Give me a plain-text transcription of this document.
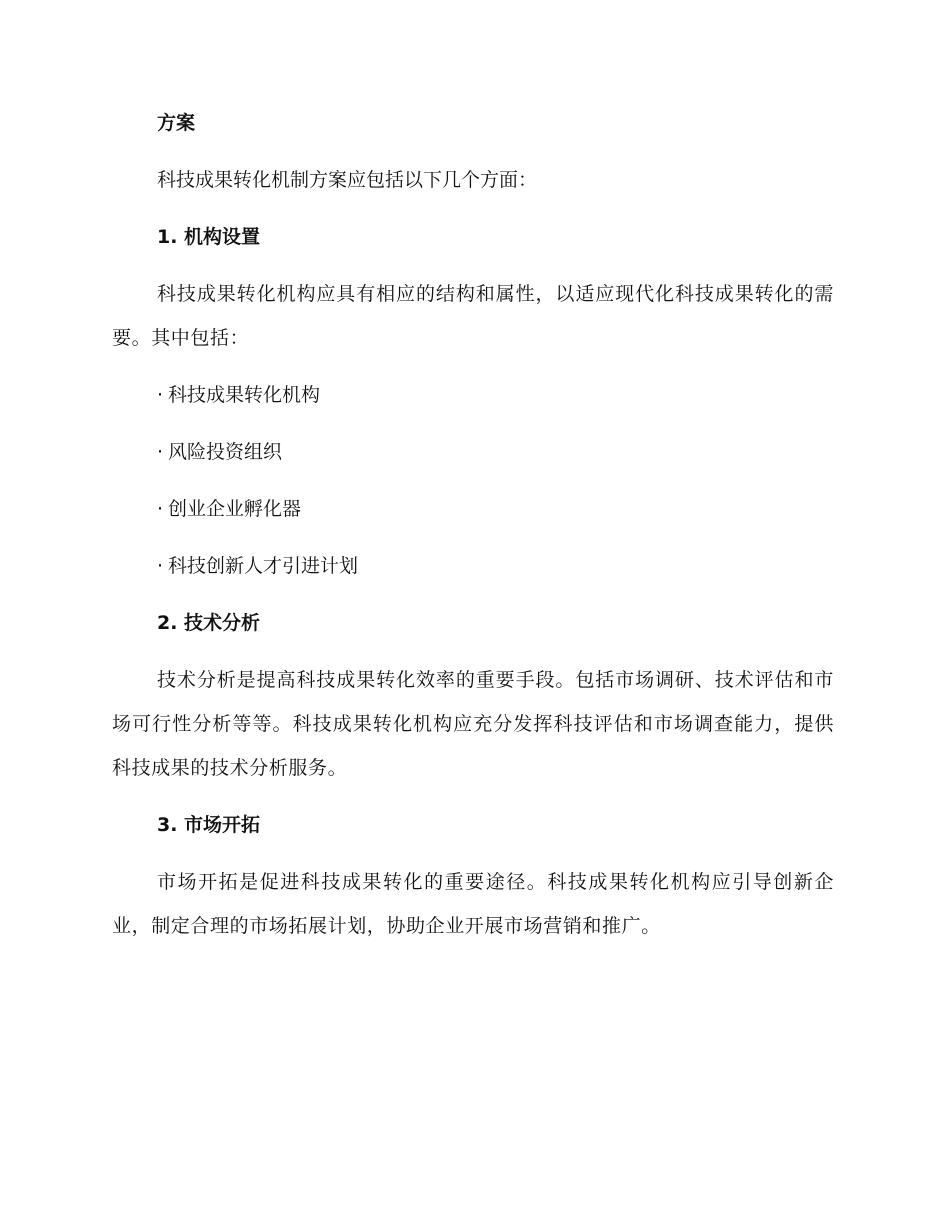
方案
科技成果转化机制方案应包括以下几个方面：
1. 机构设置

科技成果转化机构应具有相应的结构和属性，以适应现代化科技成果转化的需要。其中包括：

· 科技成果转化机构
· 风险投资组织
· 创业企业孵化器
· 科技创新人才引进计划
2. 技术分析

技术分析是提高科技成果转化效率的重要手段。包括市场调研、技术评估和市场可行性分析等等。科技成果转化机构应充分发挥科技评估和市场调查能力，提供科技成果的技术分析服务。

3. 市场开拓

市场开拓是促进科技成果转化的重要途径。科技成果转化机构应引导创新企业，制定合理的市场拓展计划，协助企业开展市场营销和推广。
